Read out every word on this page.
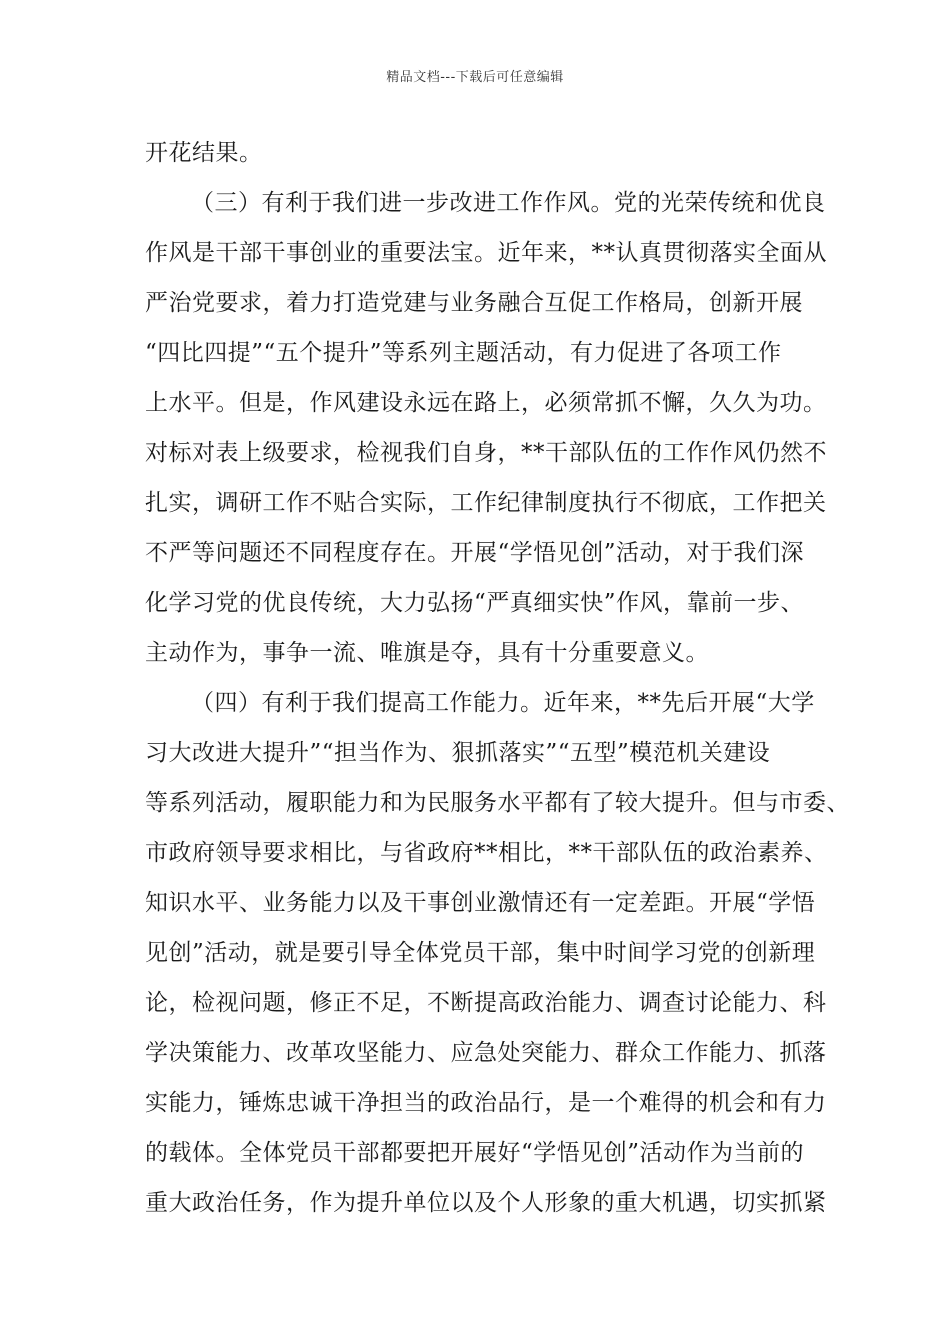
精品文档---下载后可任意编辑
开花结果。
（三）有利于我们进一步改进工作作风。党的光荣传统和优良
作风是干部干事创业的重要法宝。近年来，**认真贯彻落实全面从
严治党要求，着力打造党建与业务融合互促工作格局，创新开展
“四比四提”“五个提升”等系列主题活动，有力促进了各项工作
上水平。但是，作风建设永远在路上，必须常抓不懈，久久为功。
对标对表上级要求，检视我们自身，**干部队伍的工作作风仍然不
扎实，调研工作不贴合实际，工作纪律制度执行不彻底，工作把关
不严等问题还不同程度存在。开展“学悟见创”活动，对于我们深
化学习党的优良传统，大力弘扬“严真细实快”作风，靠前一步、
主动作为，事争一流、唯旗是夺，具有十分重要意义。
（四）有利于我们提高工作能力。近年来，**先后开展“大学
习大改进大提升”“担当作为、狠抓落实”“五型”模范机关建设
等系列活动，履职能力和为民服务水平都有了较大提升。但与市委、
市政府领导要求相比，与省政府**相比，**干部队伍的政治素养、
知识水平、业务能力以及干事创业激情还有一定差距。开展“学悟
见创”活动，就是要引导全体党员干部，集中时间学习党的创新理
论，检视问题，修正不足，不断提高政治能力、调查讨论能力、科
学决策能力、改革攻坚能力、应急处突能力、群众工作能力、抓落
实能力，锤炼忠诚干净担当的政治品行，是一个难得的机会和有力
的载体。全体党员干部都要把开展好“学悟见创”活动作为当前的
重大政治任务，作为提升单位以及个人形象的重大机遇，切实抓紧
